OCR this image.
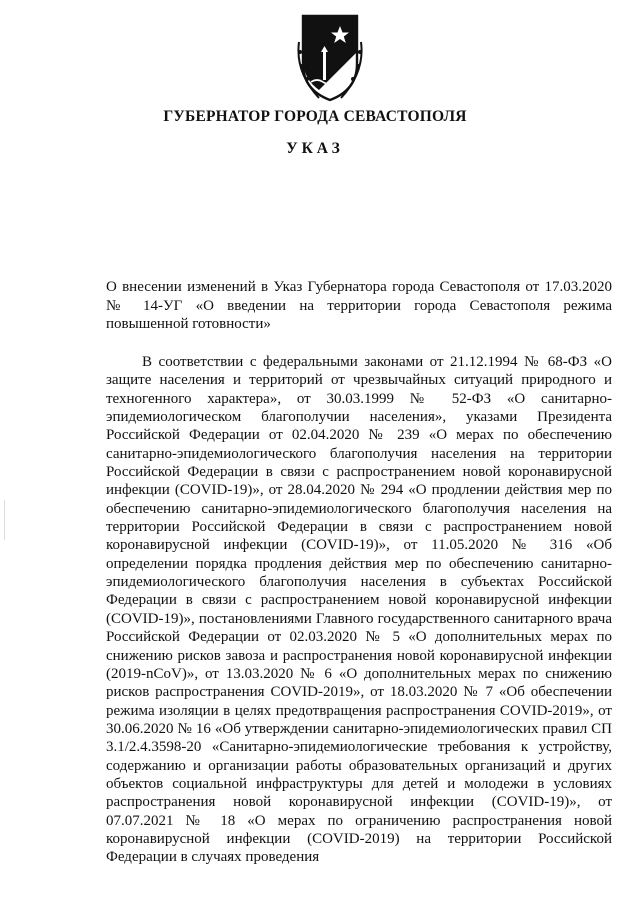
ГУБЕРНАТОР ГОРОДА СЕВАСТОПОЛЯ
УКАЗ

О внесении изменений в Указ Губернатора города Севастополя от 17.03.2020 № 14-УГ «О введении на территории города Севастополя режима повышенной готовности»

В соответствии с федеральными законами от 21.12.1994 № 68-ФЗ «О защите населения и территорий от чрезвычайных ситуаций природного и техногенного характера», от 30.03.1999 № 52-ФЗ «О санитарно-эпидемиологическом благополучии населения», указами Президента Российской Федерации от 02.04.2020 № 239 «О мерах по обеспечению санитарно-эпидемиологического благополучия населения на территории Российской Федерации в связи с распространением новой коронавирусной инфекции (COVID-19)», от 28.04.2020 № 294 «О продлении действия мер по обеспечению санитарно-эпидемиологического благополучия населения на территории Российской Федерации в связи с распространением новой коронавирусной инфекции (COVID-19)», от 11.05.2020 № 316 «Об определении порядка продления действия мер по обеспечению санитарно-эпидемиологического благополучия населения в субъектах Российской Федерации в связи с распространением новой коронавирусной инфекции (COVID-19)», постановлениями Главного государственного санитарного врача Российской Федерации от 02.03.2020 № 5 «О дополнительных мерах по снижению рисков завоза и распространения новой коронавирусной инфекции (2019-nCoV)», от 13.03.2020 № 6 «О дополнительных мерах по снижению рисков распространения COVID-2019», от 18.03.2020 № 7 «Об обеспечении режима изоляции в целях предотвращения распространения COVID-2019», от 30.06.2020 № 16 «Об утверждении санитарно-эпидемиологических правил СП 3.1/2.4.3598-20 «Санитарно-эпидемиологические требования к устройству, содержанию и организации работы образовательных организаций и других объектов социальной инфраструктуры для детей и молодежи в условиях распространения новой коронавирусной инфекции (COVID-19)», от 07.07.2021 № 18 «О мерах по ограничению распространения новой коронавирусной инфекции (COVID-2019) на территории Российской Федерации в случаях проведения
